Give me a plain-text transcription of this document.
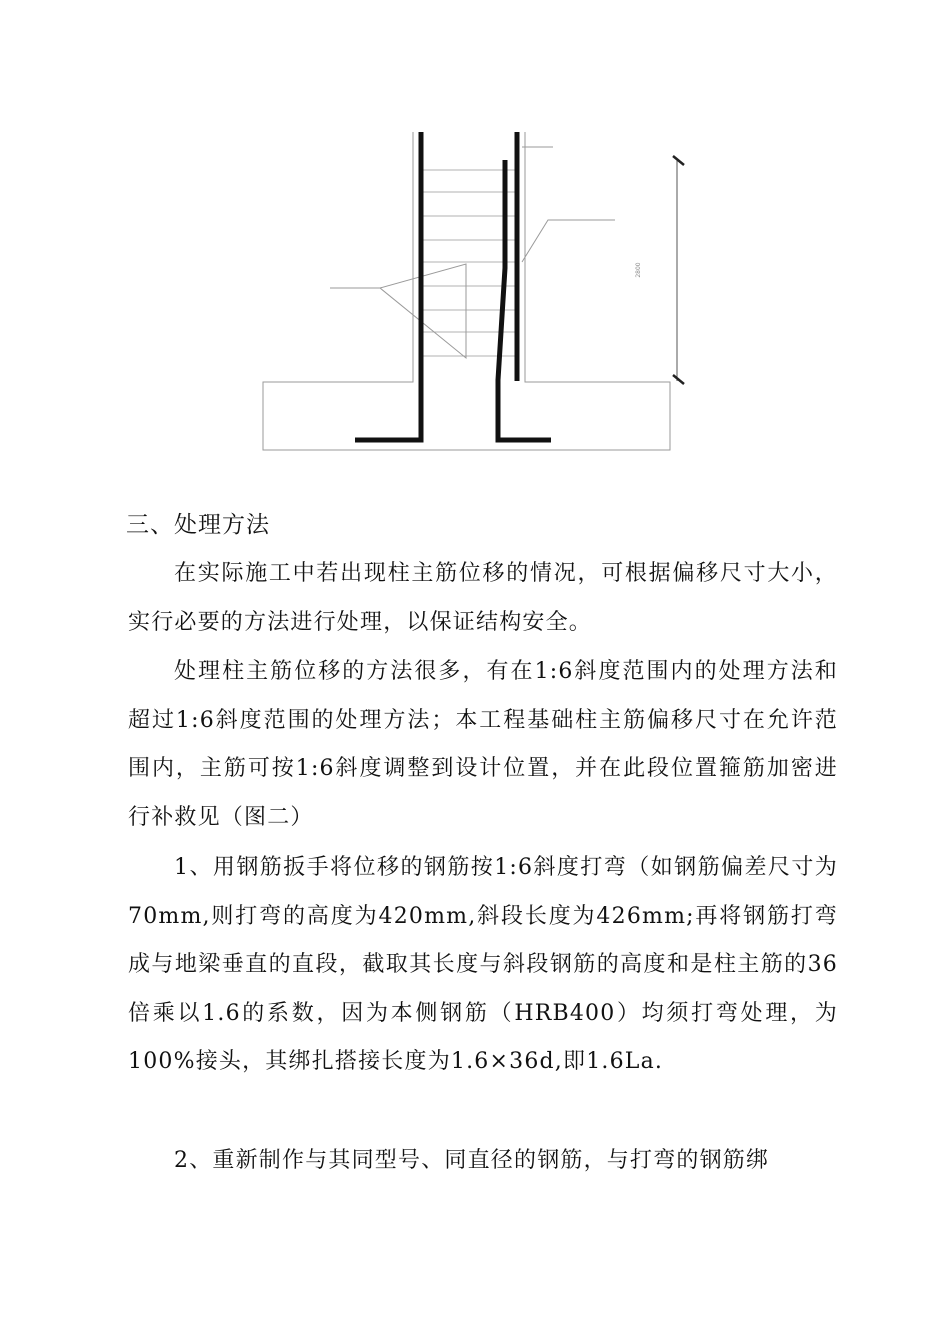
2800
三、处理方法

在实际施工中若出现柱主筋位移的情况，可根据偏移尺寸大小，实行必要的方法进行处理，以保证结构安全。

处理柱主筋位移的方法很多，有在1:6斜度范围内的处理方法和超过1:6斜度范围的处理方法；本工程基础柱主筋偏移尺寸在允许范围内，主筋可按1:6斜度调整到设计位置，并在此段位置箍筋加密进行补救见（图二）

1、用钢筋扳手将位移的钢筋按1:6斜度打弯（如钢筋偏差尺寸为70mm,则打弯的高度为420mm,斜段长度为426mm;再将钢筋打弯成与地梁垂直的直段，截取其长度与斜段钢筋的高度和是柱主筋的36倍乘以1.6的系数，因为本侧钢筋（HRB400）均须打弯处理，为100%接头，其绑扎搭接长度为1.6×36d,即1.6La.

2、重新制作与其同型号、同直径的钢筋，与打弯的钢筋绑
